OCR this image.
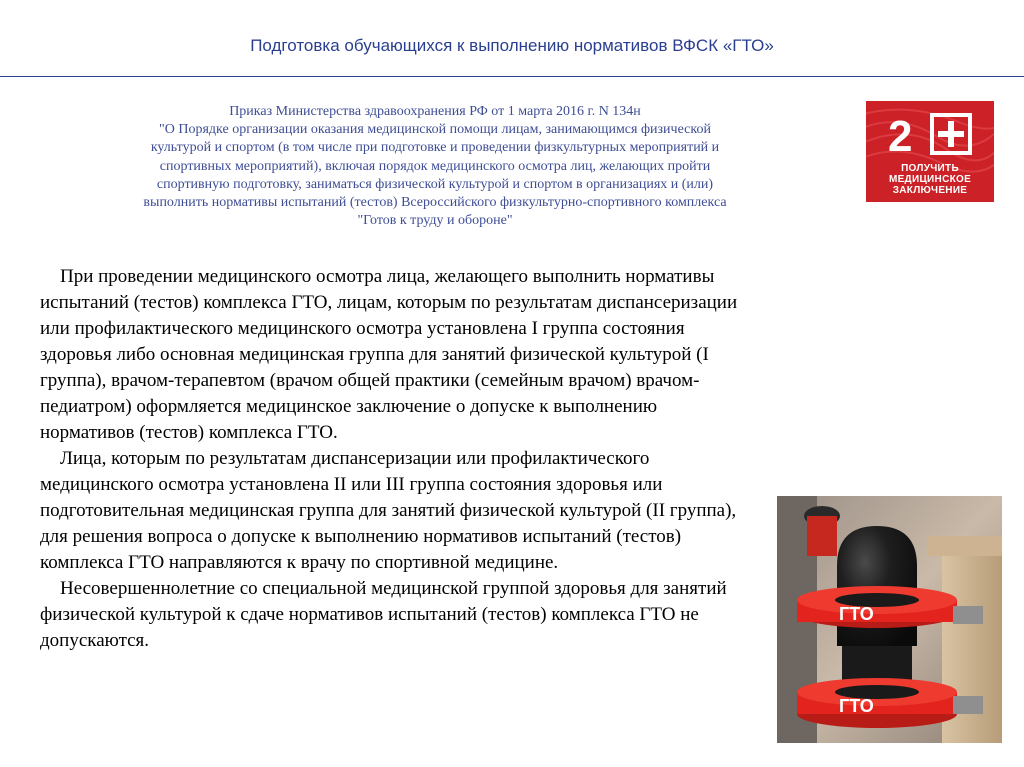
Подготовка обучающихся к выполнению нормативов ВФСК «ГТО»
Приказ Министерства здравоохранения РФ от 1 марта 2016 г. N 134н
"О Порядке организации оказания медицинской помощи лицам, занимающимся физической
культурой и спортом (в том числе при подготовке и проведении физкультурных мероприятий и
спортивных мероприятий), включая порядок медицинского осмотра лиц, желающих пройти
спортивную подготовку, заниматься физической культурой и спортом в организациях и (или)
выполнить нормативы испытаний (тестов) Всероссийского физкультурно-спортивного комплекса
"Готов к труду и обороне"

При проведении медицинского осмотра лица, желающего выполнить нормативы испытаний (тестов) комплекса ГТО, лицам, которым по результатам диспансеризации или профилактического медицинского осмотра установлена I группа состояния здоровья либо основная медицинская группа для занятий физической культурой (I группа), врачом-терапевтом (врачом общей практики (семейным врачом) врачом-педиатром) оформляется медицинское заключение о допуске к выполнению нормативов (тестов) комплекса ГТО.

Лица, которым по результатам диспансеризации или профилактического медицинского осмотра установлена II или III группа состояния здоровья или подготовительная медицинская группа для занятий физической культурой (II группа), для решения вопроса о допуске к выполнению нормативов испытаний (тестов) комплекса ГТО направляются к врачу по спортивной медицине.

Несовершеннолетние со специальной медицинской группой здоровья для занятий физической культурой к сдаче нормативов испытаний (тестов) комплекса ГТО не допускаются.

2
ПОЛУЧИТЬ
МЕДИЦИНСКОЕ
ЗАКЛЮЧЕНИЕ
ГТО
ГТО
